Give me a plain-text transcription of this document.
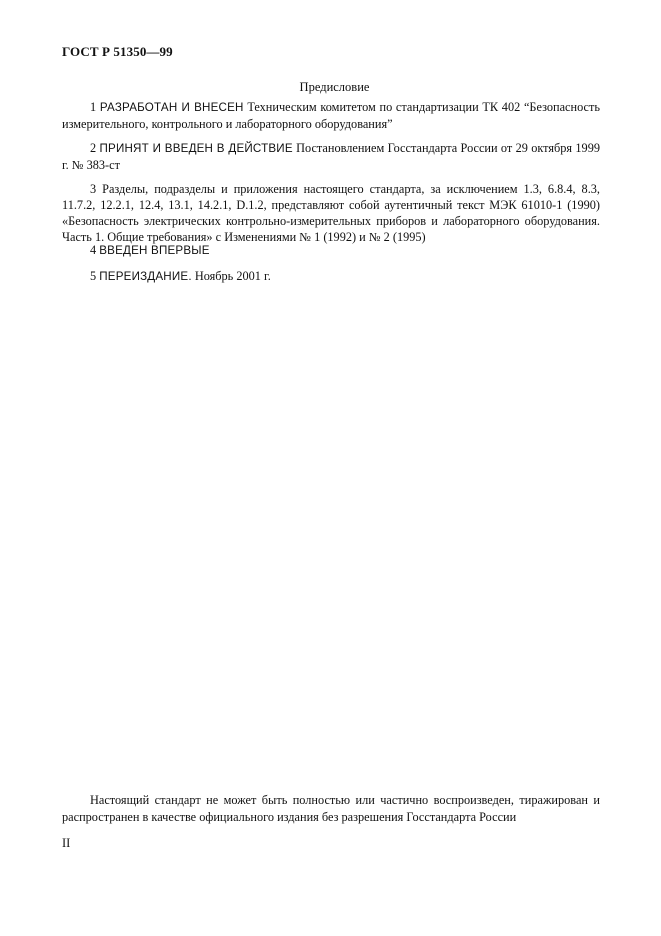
ГОСТ Р 51350—99
Предисловие
1 РАЗРАБОТАН И ВНЕСЕН Техническим комитетом по стандартизации ТК 402 “Безопасность измерительного, контрольного и лабораторного оборудования”
2 ПРИНЯТ И ВВЕДЕН В ДЕЙСТВИЕ Постановлением Госстандарта России от 29 октября 1999 г. № 383-ст
3 Разделы, подразделы и приложения настоящего стандарта, за исключением 1.3, 6.8.4, 8.3, 11.7.2, 12.2.1, 12.4, 13.1, 14.2.1, D.1.2, представляют собой аутентичный текст МЭК 61010-1 (1990) «Безопасность электрических контрольно-измерительных приборов и лабораторного оборудования. Часть 1. Общие требования» с Изменениями № 1 (1992) и № 2 (1995)
4 ВВЕДЕН ВПЕРВЫЕ
5 ПЕРЕИЗДАНИЕ. Ноябрь 2001 г.
Настоящий стандарт не может быть полностью или частично воспроизведен, тиражирован и распространен в качестве официального издания без разрешения Госстандарта России
II
